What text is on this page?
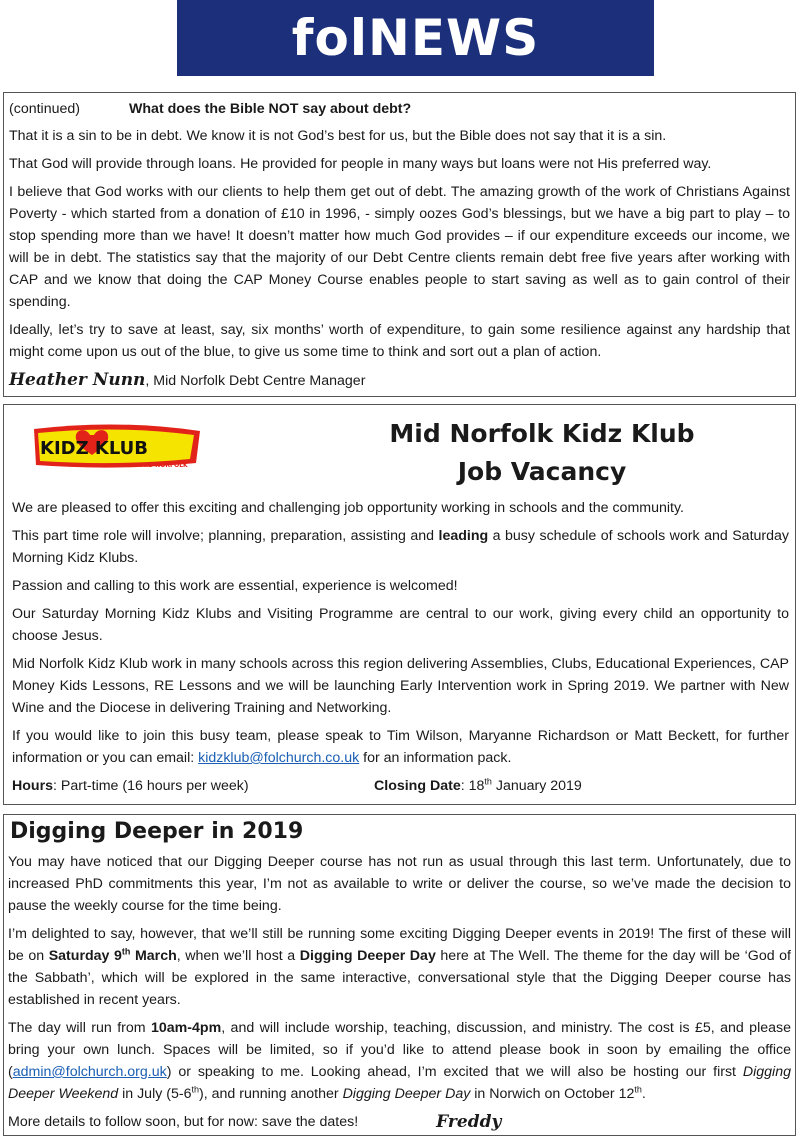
folNEWS
(continued)	What does the Bible NOT say about debt?

That it is a sin to be in debt. We know it is not God’s best for us, but the Bible does not say that it is a sin.

That God will provide through loans. He provided for people in many ways but loans were not His preferred way.

I believe that God works with our clients to help them get out of debt. The amazing growth of the work of Christians Against Poverty - which started from a donation of £10 in 1996, - simply oozes God’s blessings, but we have a big part to play – to stop spending more than we have! It doesn’t matter how much God provides – if our expenditure exceeds our income, we will be in debt. The statistics say that the majority of our Debt Centre clients remain debt free five years after working with CAP and we know that doing the CAP Money Course enables people to start saving as well as to gain control of their spending.

Ideally, let’s try to save at least, say, six months’ worth of expenditure, to gain some resilience against any hardship that might come upon us out of the blue, to give us some time to think and sort out a plan of action.

Heather Nunn, Mid Norfolk Debt Centre Manager

KIDZ KLUB
MID NORFOLK
Mid Norfolk Kidz Klub
Job Vacancy

We are pleased to offer this exciting and challenging job opportunity working in schools and the community.

This part time role will involve; planning, preparation, assisting and leading a busy schedule of schools work and Saturday Morning Kidz Klubs.

Passion and calling to this work are essential, experience is welcomed!

Our Saturday Morning Kidz Klubs and Visiting Programme are central to our work, giving every child an opportunity to choose Jesus.

Mid Norfolk Kidz Klub work in many schools across this region delivering Assemblies, Clubs, Educational Experiences, CAP Money Kids Lessons, RE Lessons and we will be launching Early Intervention work in Spring 2019. We partner with New Wine and the Diocese in delivering Training and Networking.

If you would like to join this busy team, please speak to Tim Wilson, Maryanne Richardson or Matt Beckett, for further information or you can email: kidzklub@folchurch.co.uk for an information pack.

Hours: Part-time (16 hours per week)	Closing Date: 18th January 2019
Digging Deeper in 2019

You may have noticed that our Digging Deeper course has not run as usual through this last term. Unfortunately, due to increased PhD commitments this year, I’m not as available to write or deliver the course, so we’ve made the decision to pause the weekly course for the time being.

I’m delighted to say, however, that we’ll still be running some exciting Digging Deeper events in 2019! The first of these will be on Saturday 9th March, when we’ll host a Digging Deeper Day here at The Well. The theme for the day will be ‘God of the Sabbath’, which will be explored in the same interactive, conversational style that the Digging Deeper course has established in recent years.

The day will run from 10am-4pm, and will include worship, teaching, discussion, and ministry. The cost is £5, and please bring your own lunch. Spaces will be limited, so if you’d like to attend please book in soon by emailing the office (admin@folchurch.org.uk) or speaking to me. Looking ahead, I’m excited that we will also be hosting our first Digging Deeper Weekend in July (5-6th), and running another Digging Deeper Day in Norwich on October 12th.

More details to follow soon, but for now: save the dates!	Freddy
